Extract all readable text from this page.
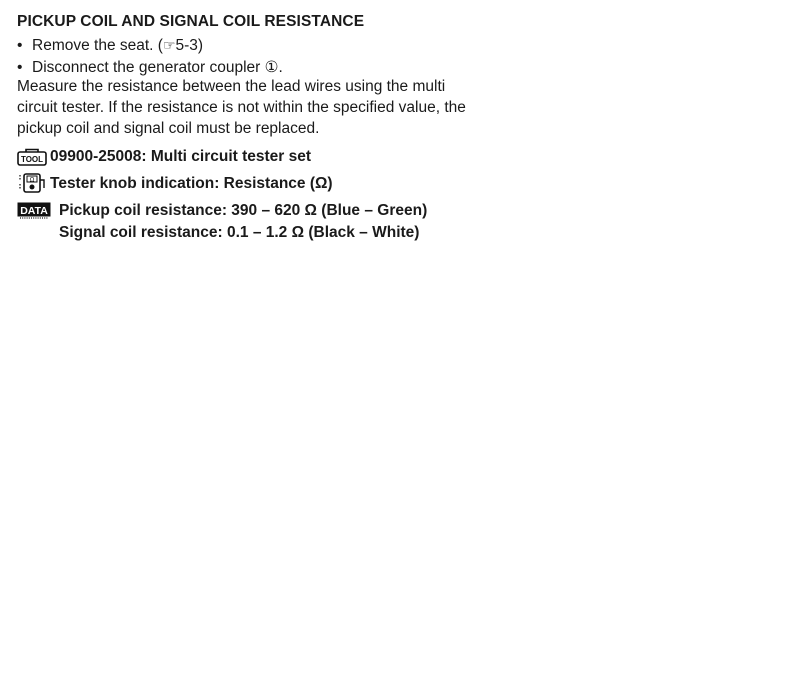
PICKUP COIL AND SIGNAL COIL RESISTANCE
• Remove the seat. (☞5-3)
• Disconnect the generator coupler ①.
Measure the resistance between the lead wires using the multi
circuit tester. If the resistance is not within the specified value, the
pickup coil and signal coil must be replaced.
TOOL 09900-25008: Multi circuit tester set
Ω Tester knob indication: Resistance (Ω)
DATA Pickup coil resistance: 390 – 620 Ω (Blue – Green)
Signal coil resistance: 0.1 – 1.2 Ω (Black – White)
